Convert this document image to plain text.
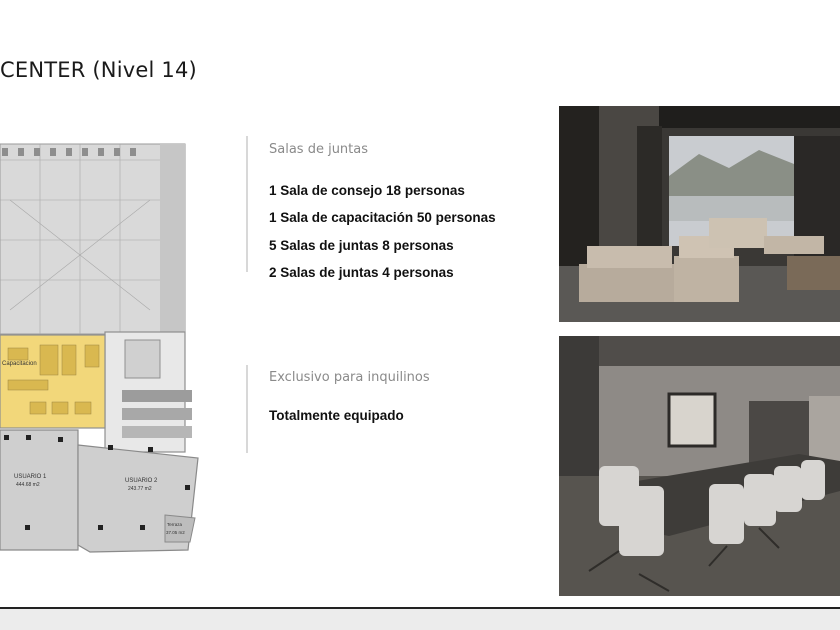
CENTER (Nivel 14)
Capacitacion
USUARIO 1
444.68 m2
USUARIO 2
243.77 m2
Terraza
37.05 m2
Salas de juntas
1 Sala de consejo 18 personas
1 Sala de capacitación 50 personas
5 Salas de juntas 8 personas
2 Salas de juntas 4 personas
Exclusivo para inquilinos
Totalmente equipado
